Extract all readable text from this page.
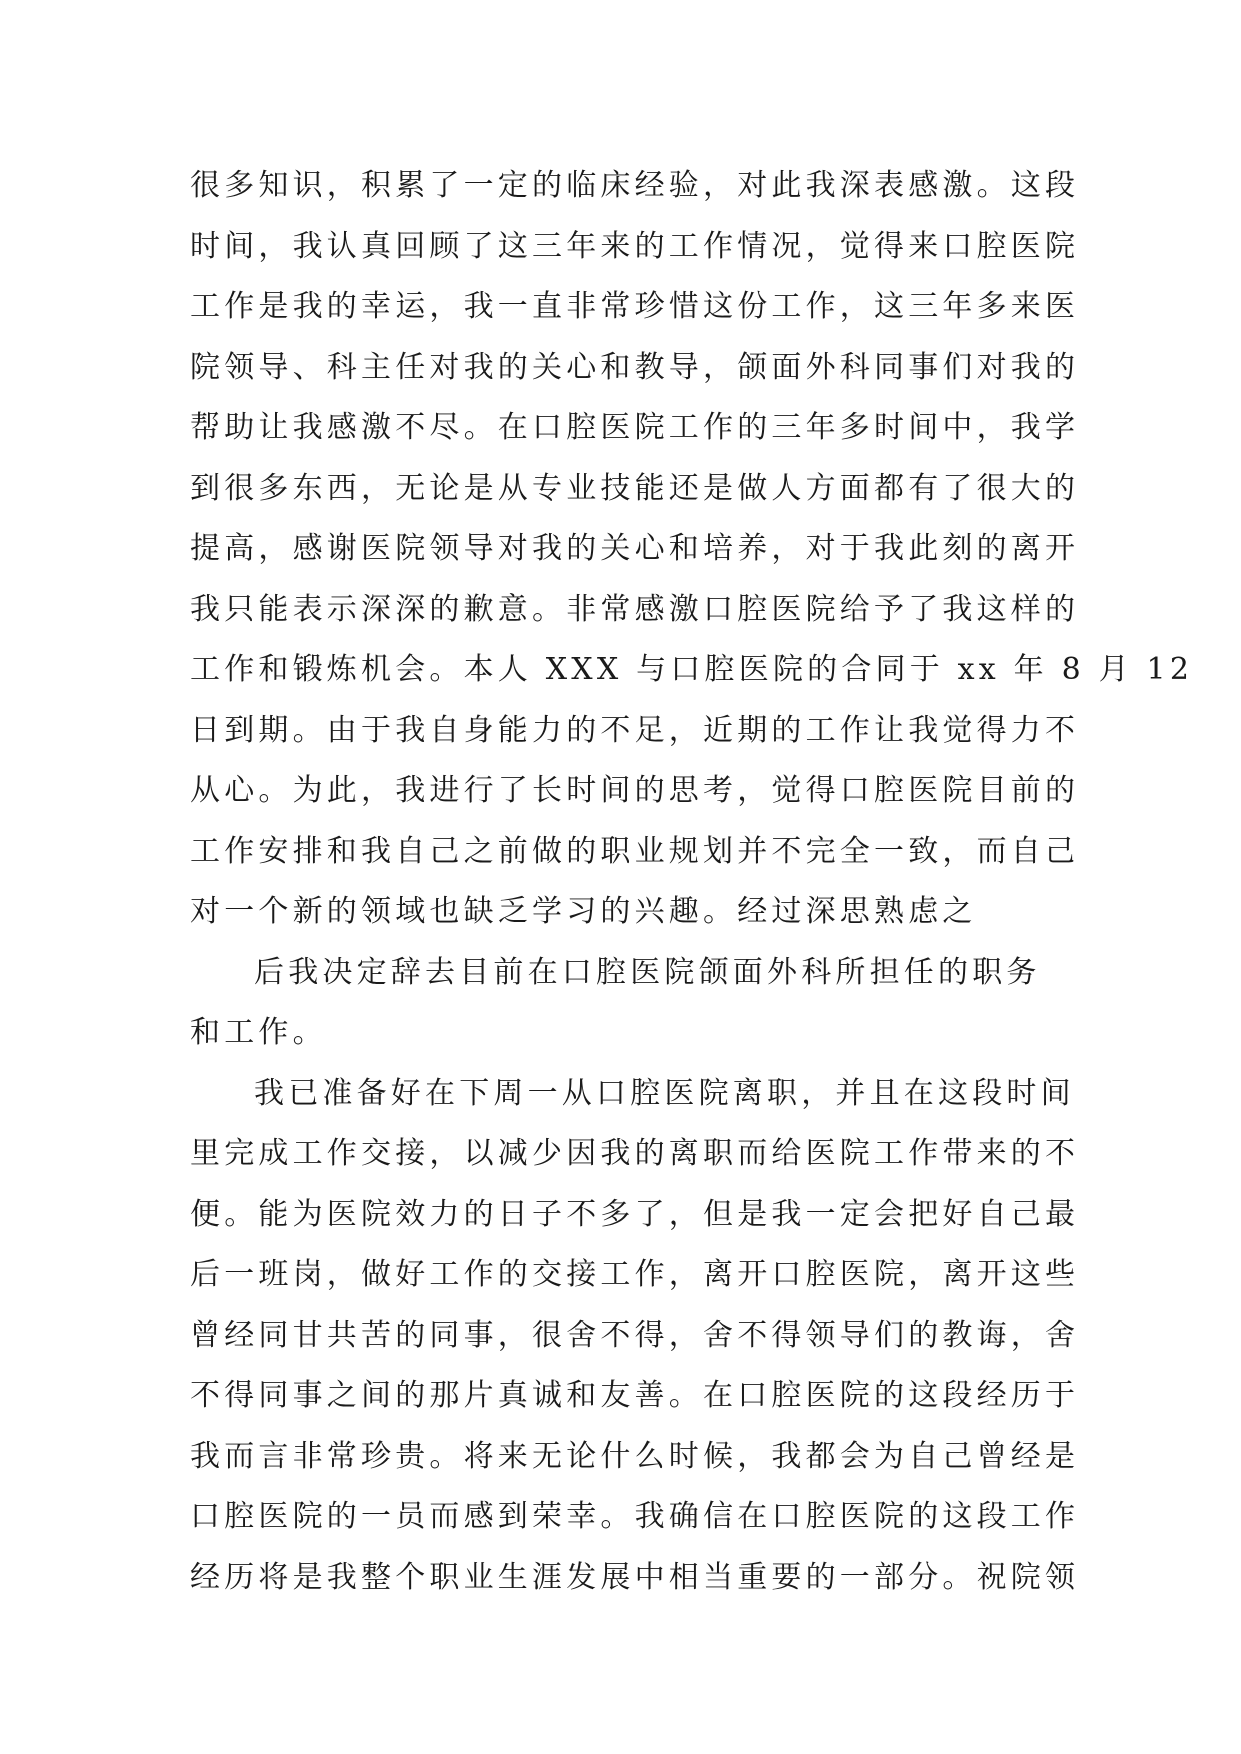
很多知识，积累了一定的临床经验，对此我深表感激。这段
时间，我认真回顾了这三年来的工作情况，觉得来口腔医院
工作是我的幸运，我一直非常珍惜这份工作，这三年多来医
院领导、科主任对我的关心和教导，颌面外科同事们对我的
帮助让我感激不尽。在口腔医院工作的三年多时间中，我学
到很多东西，无论是从专业技能还是做人方面都有了很大的
提高，感谢医院领导对我的关心和培养，对于我此刻的离开
我只能表示深深的歉意。非常感激口腔医院给予了我这样的
工作和锻炼机会。本人 XXX 与口腔医院的合同于 xx 年 8 月 12
日到期。由于我自身能力的不足，近期的工作让我觉得力不
从心。为此，我进行了长时间的思考，觉得口腔医院目前的
工作安排和我自己之前做的职业规划并不完全一致，而自己
对一个新的领域也缺乏学习的兴趣。经过深思熟虑之
后我决定辞去目前在口腔医院颌面外科所担任的职务
和工作。
我已准备好在下周一从口腔医院离职，并且在这段时间
里完成工作交接，以减少因我的离职而给医院工作带来的不
便。能为医院效力的日子不多了，但是我一定会把好自己最
后一班岗，做好工作的交接工作，离开口腔医院，离开这些
曾经同甘共苦的同事，很舍不得，舍不得领导们的教诲，舍
不得同事之间的那片真诚和友善。在口腔医院的这段经历于
我而言非常珍贵。将来无论什么时候，我都会为自己曾经是
口腔医院的一员而感到荣幸。我确信在口腔医院的这段工作
经历将是我整个职业生涯发展中相当重要的一部分。祝院领
